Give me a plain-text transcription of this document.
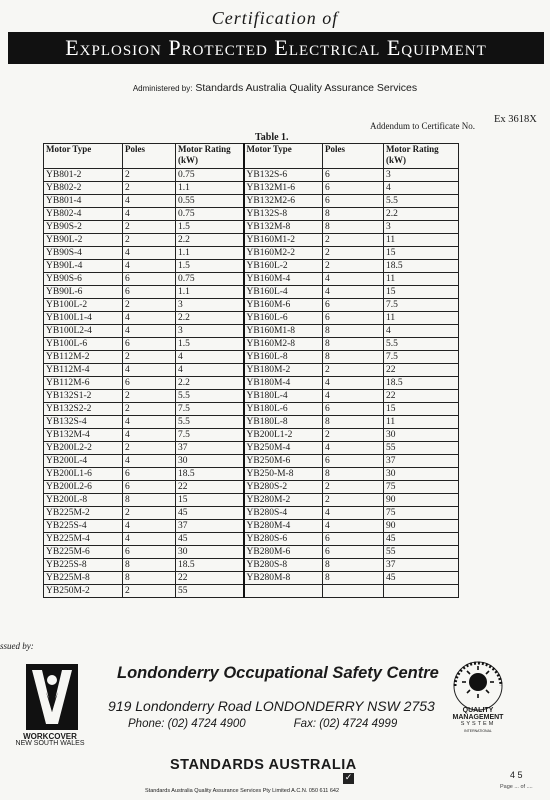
Certification of
Explosion Protected Electrical Equipment
Administered by: Standards Australia Quality Assurance Services
Addendum to Certificate No.
Ex 3618X
Table 1.
Motor Type	Poles	Motor Rating (kW)	Motor Type	Poles	Motor Rating (kW)
YB801-2	2	0.75	YB132S-6	6	3
YB802-2	2	1.1	YB132M1-6	6	4
YB801-4	4	0.55	YB132M2-6	6	5.5
YB802-4	4	0.75	YB132S-8	8	2.2
YB90S-2	2	1.5	YB132M-8	8	3
YB90L-2	2	2.2	YB160M1-2	2	11
YB90S-4	4	1.1	YB160M2-2	2	15
YB90L-4	4	1.5	YB160L-2	2	18.5
YB90S-6	6	0.75	YB160M-4	4	11
YB90L-6	6	1.1	YB160L-4	4	15
YB100L-2	2	3	YB160M-6	6	7.5
YB100L1-4	4	2.2	YB160L-6	6	11
YB100L2-4	4	3	YB160M1-8	8	4
YB100L-6	6	1.5	YB160M2-8	8	5.5
YB112M-2	2	4	YB160L-8	8	7.5
YB112M-4	4	4	YB180M-2	2	22
YB112M-6	6	2.2	YB180M-4	4	18.5
YB132S1-2	2	5.5	YB180L-4	4	22
YB132S2-2	2	7.5	YB180L-6	6	15
YB132S-4	4	5.5	YB180L-8	8	11
YB132M-4	4	7.5	YB200L1-2	2	30
YB200L2-2	2	37	YB250M-4	4	55
YB200L-4	4	30	YB250M-6	6	37
YB200L1-6	6	18.5	YB250-M-8	8	30
YB200L2-6	6	22	YB280S-2	2	75
YB200L-8	8	15	YB280M-2	2	90
YB225M-2	2	45	YB280S-4	4	75
YB225S-4	4	37	YB280M-4	4	90
YB225M-4	4	45	YB280S-6	6	45
YB225M-6	6	30	YB280M-6	6	55
YB225S-8	8	18.5	YB280S-8	8	37
YB225M-8	8	22	YB280M-8	8	45
YB250M-2	2	55			
ssued by:
WORKCOVER
NEW SOUTH WALES
Londonderry Occupational Safety Centre
919 Londonderry Road LONDONDERRY NSW 2753
Phone: (02) 4724 4900	Fax: (02) 4724 4999
QUALITY
MANAGEMENT
SYSTEM
INTERNATIONAL
STANDARDS AUSTRALIA
✓
Standards Australia Quality Assurance Services Pty Limited A.C.N. 050 611 642
4 5
Page ... of ....
